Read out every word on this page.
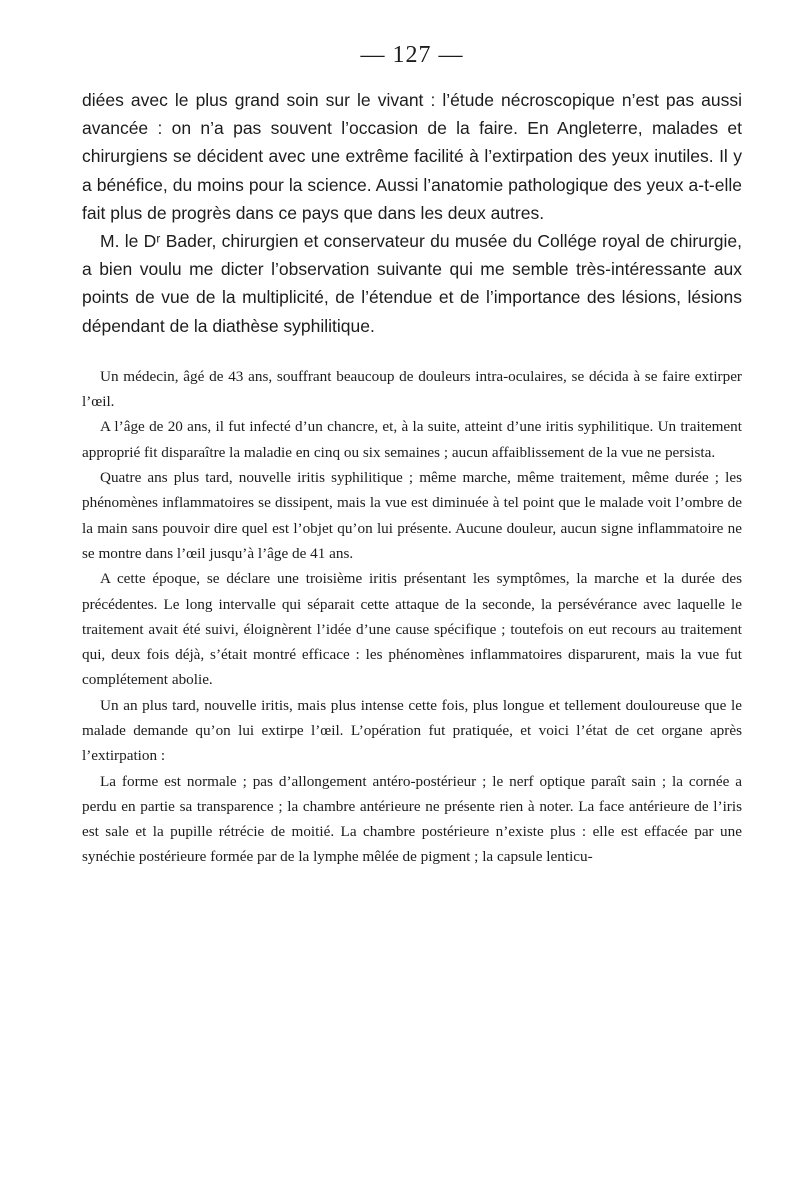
— 127 —

diées avec le plus grand soin sur le vivant : l’étude nécroscopique n’est pas aussi avancée : on n’a pas souvent l’occasion de la faire. En Angleterre, malades et chirurgiens se décident avec une extrême facilité à l’extirpation des yeux inutiles. Il y a bénéfice, du moins pour la science. Aussi l’anatomie pathologique des yeux a-t-elle fait plus de progrès dans ce pays que dans les deux autres.

M. le Dʳ Bader, chirurgien et conservateur du musée du Collége royal de chirurgie, a bien voulu me dicter l’observation suivante qui me semble très-intéressante aux points de vue de la multiplicité, de l’étendue et de l’importance des lésions, lésions dépendant de la diathèse syphilitique.

Un médecin, âgé de 43 ans, souffrant beaucoup de douleurs intra-oculaires, se décida à se faire extirper l’œil.

A l’âge de 20 ans, il fut infecté d’un chancre, et, à la suite, atteint d’une iritis syphilitique. Un traitement approprié fit disparaître la maladie en cinq ou six semaines ; aucun affaiblissement de la vue ne persista.

Quatre ans plus tard, nouvelle iritis syphilitique ; même marche, même traitement, même durée ; les phénomènes inflammatoires se dissipent, mais la vue est diminuée à tel point que le malade voit l’ombre de la main sans pouvoir dire quel est l’objet qu’on lui présente. Aucune douleur, aucun signe inflammatoire ne se montre dans l’œil jusqu’à l’âge de 41 ans.

A cette époque, se déclare une troisième iritis présentant les symptômes, la marche et la durée des précédentes. Le long intervalle qui séparait cette attaque de la seconde, la persévérance avec laquelle le traitement avait été suivi, éloignèrent l’idée d’une cause spécifique ; toutefois on eut recours au traitement qui, deux fois déjà, s’était montré efficace : les phénomènes inflammatoires disparurent, mais la vue fut complétement abolie.

Un an plus tard, nouvelle iritis, mais plus intense cette fois, plus longue et tellement douloureuse que le malade demande qu’on lui extirpe l’œil. L’opération fut pratiquée, et voici l’état de cet organe après l’extirpation :

La forme est normale ; pas d’allongement antéro-postérieur ; le nerf optique paraît sain ; la cornée a perdu en partie sa transparence ; la chambre antérieure ne présente rien à noter. La face antérieure de l’iris est sale et la pupille rétrécie de moitié. La chambre postérieure n’existe plus : elle est effacée par une synéchie postérieure formée par de la lymphe mêlée de pigment ; la capsule lenticu-
